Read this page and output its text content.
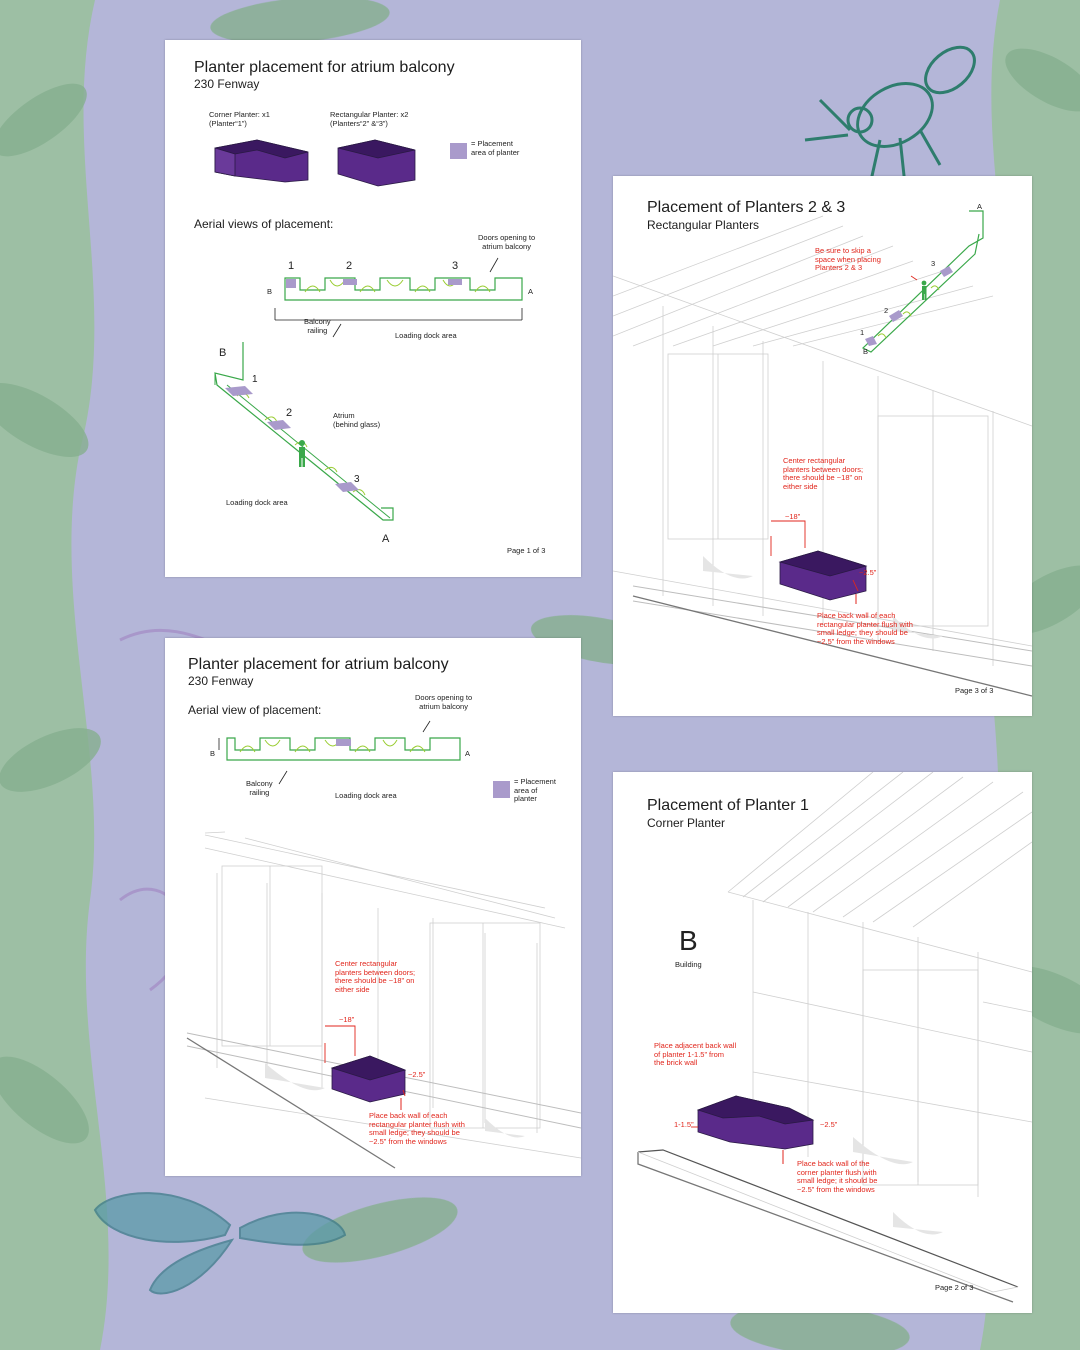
Planter placement for atrium balcony
230 Fenway
Corner Planter: x1
(Planter“1”)
Rectangular Planter: x2
(Planters“2” &“3”)
= Placement
area of planter
Aerial views of placement:
Doors opening to
atrium balcony
1	2	3
B	A
Balcony
railing
Loading dock area
B
1
2	Atrium
(behind glass)
3
Loading dock area
A
Page 1 of 3
Placement of Planters 2 & 3
Rectangular Planters
Be sure to skip a
space when placing
Planters 2 & 3
A
3
2
1
B
Center rectangular
planters between doors;
there should be ~18” on
either side
~18”
~2.5”
Place back wall of each
rectangular planter flush with
small ledge; they should be
~2.5” from the windows
Page 3 of 3
Planter placement for atrium balcony
230 Fenway
Aerial view of placement:
Doors opening to
atrium balcony
B	A
Balcony
railing	Loading dock area
= Placement
area of
planter
Center rectangular
planters between doors;
there should be ~18” on
either side
~18”
~2.5”
Place back wall of each
rectangular planter flush with
small ledge; they should be
~2.5” from the windows
Placement of Planter 1
Corner Planter
B
Building
Place adjacent back wall
of planter 1-1.5” from
the brick wall
1-1.5”	~2.5”
Place back wall of the
corner planter flush with
small ledge; it should be
~2.5” from the windows
Page 2 of 3
